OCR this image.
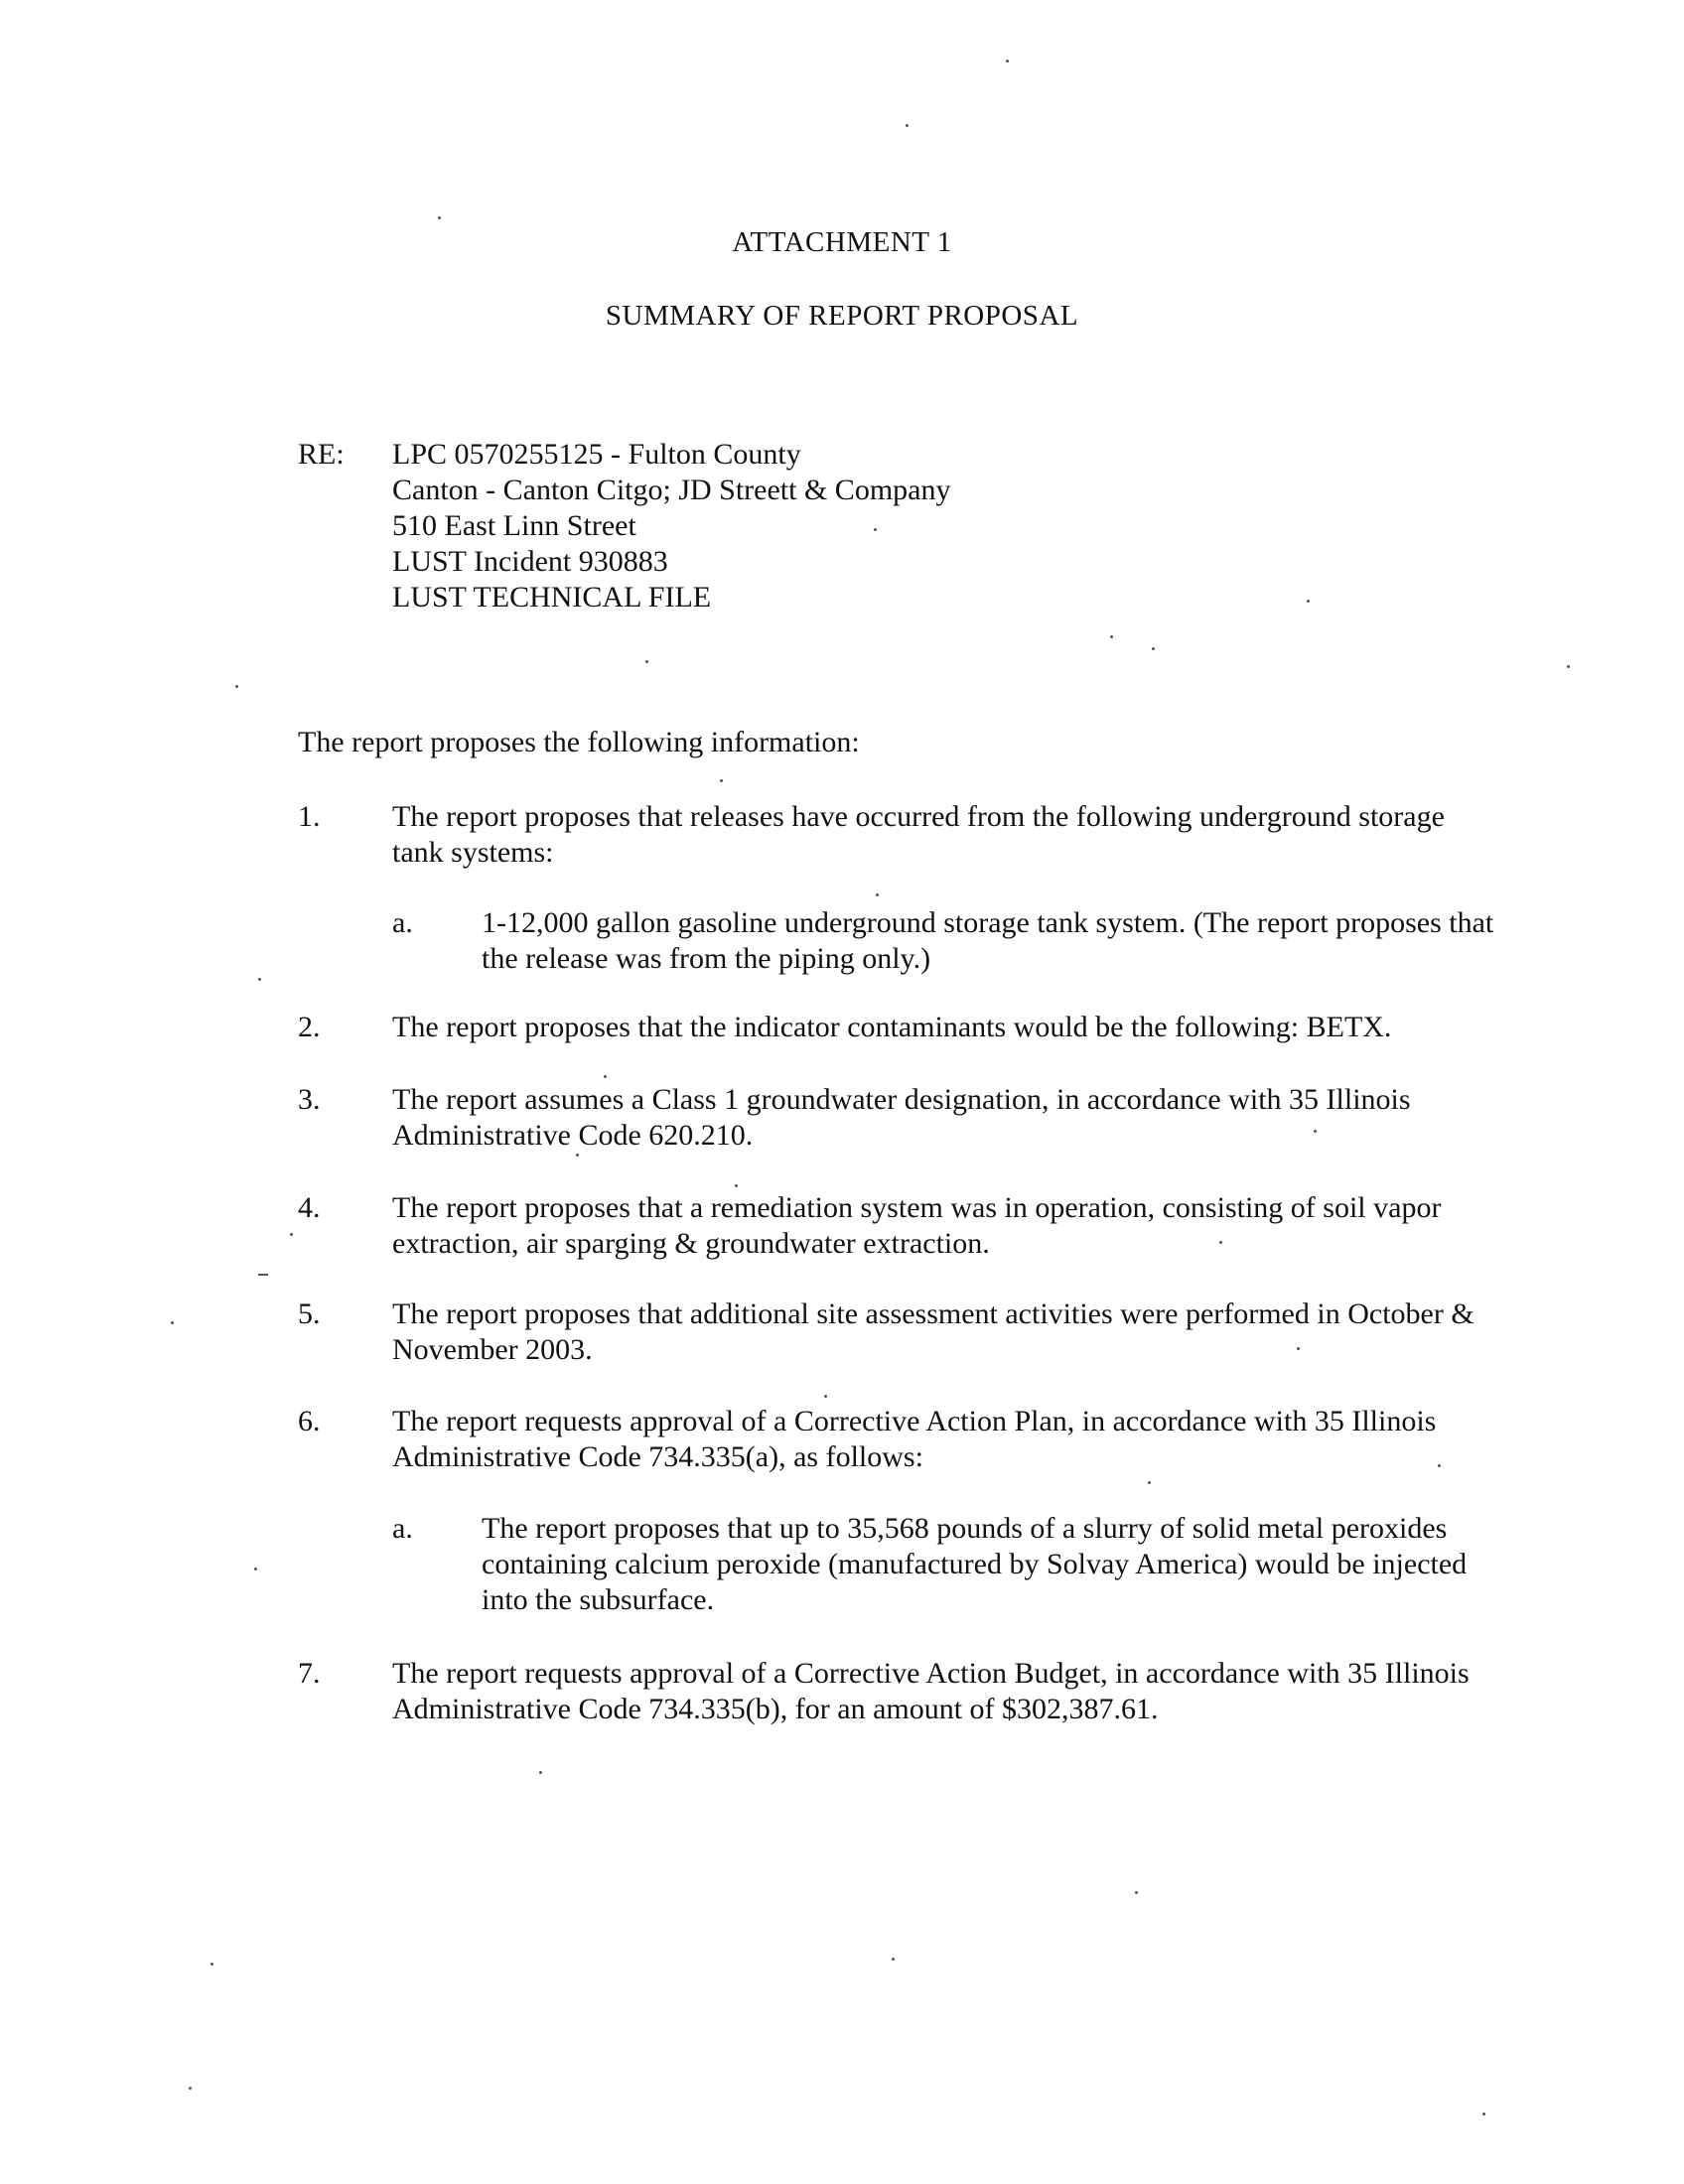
ATTACHMENT 1
SUMMARY OF REPORT PROPOSAL
RE: LPC 0570255125 - Fulton County
Canton - Canton Citgo; JD Streett & Company
510 East Linn Street
LUST Incident 930883
LUST TECHNICAL FILE
The report proposes the following information:
1. The report proposes that releases have occurred from the following underground storage tank systems:
a. 1-12,000 gallon gasoline underground storage tank system. (The report proposes that the release was from the piping only.)
2. The report proposes that the indicator contaminants would be the following: BETX.
3. The report assumes a Class 1 groundwater designation, in accordance with 35 Illinois Administrative Code 620.210.
4. The report proposes that a remediation system was in operation, consisting of soil vapor extraction, air sparging & groundwater extraction.
5. The report proposes that additional site assessment activities were performed in October & November 2003.
6. The report requests approval of a Corrective Action Plan, in accordance with 35 Illinois Administrative Code 734.335(a), as follows:
a. The report proposes that up to 35,568 pounds of a slurry of solid metal peroxides containing calcium peroxide (manufactured by Solvay America) would be injected into the subsurface.
7. The report requests approval of a Corrective Action Budget, in accordance with 35 Illinois Administrative Code 734.335(b), for an amount of $302,387.61.
